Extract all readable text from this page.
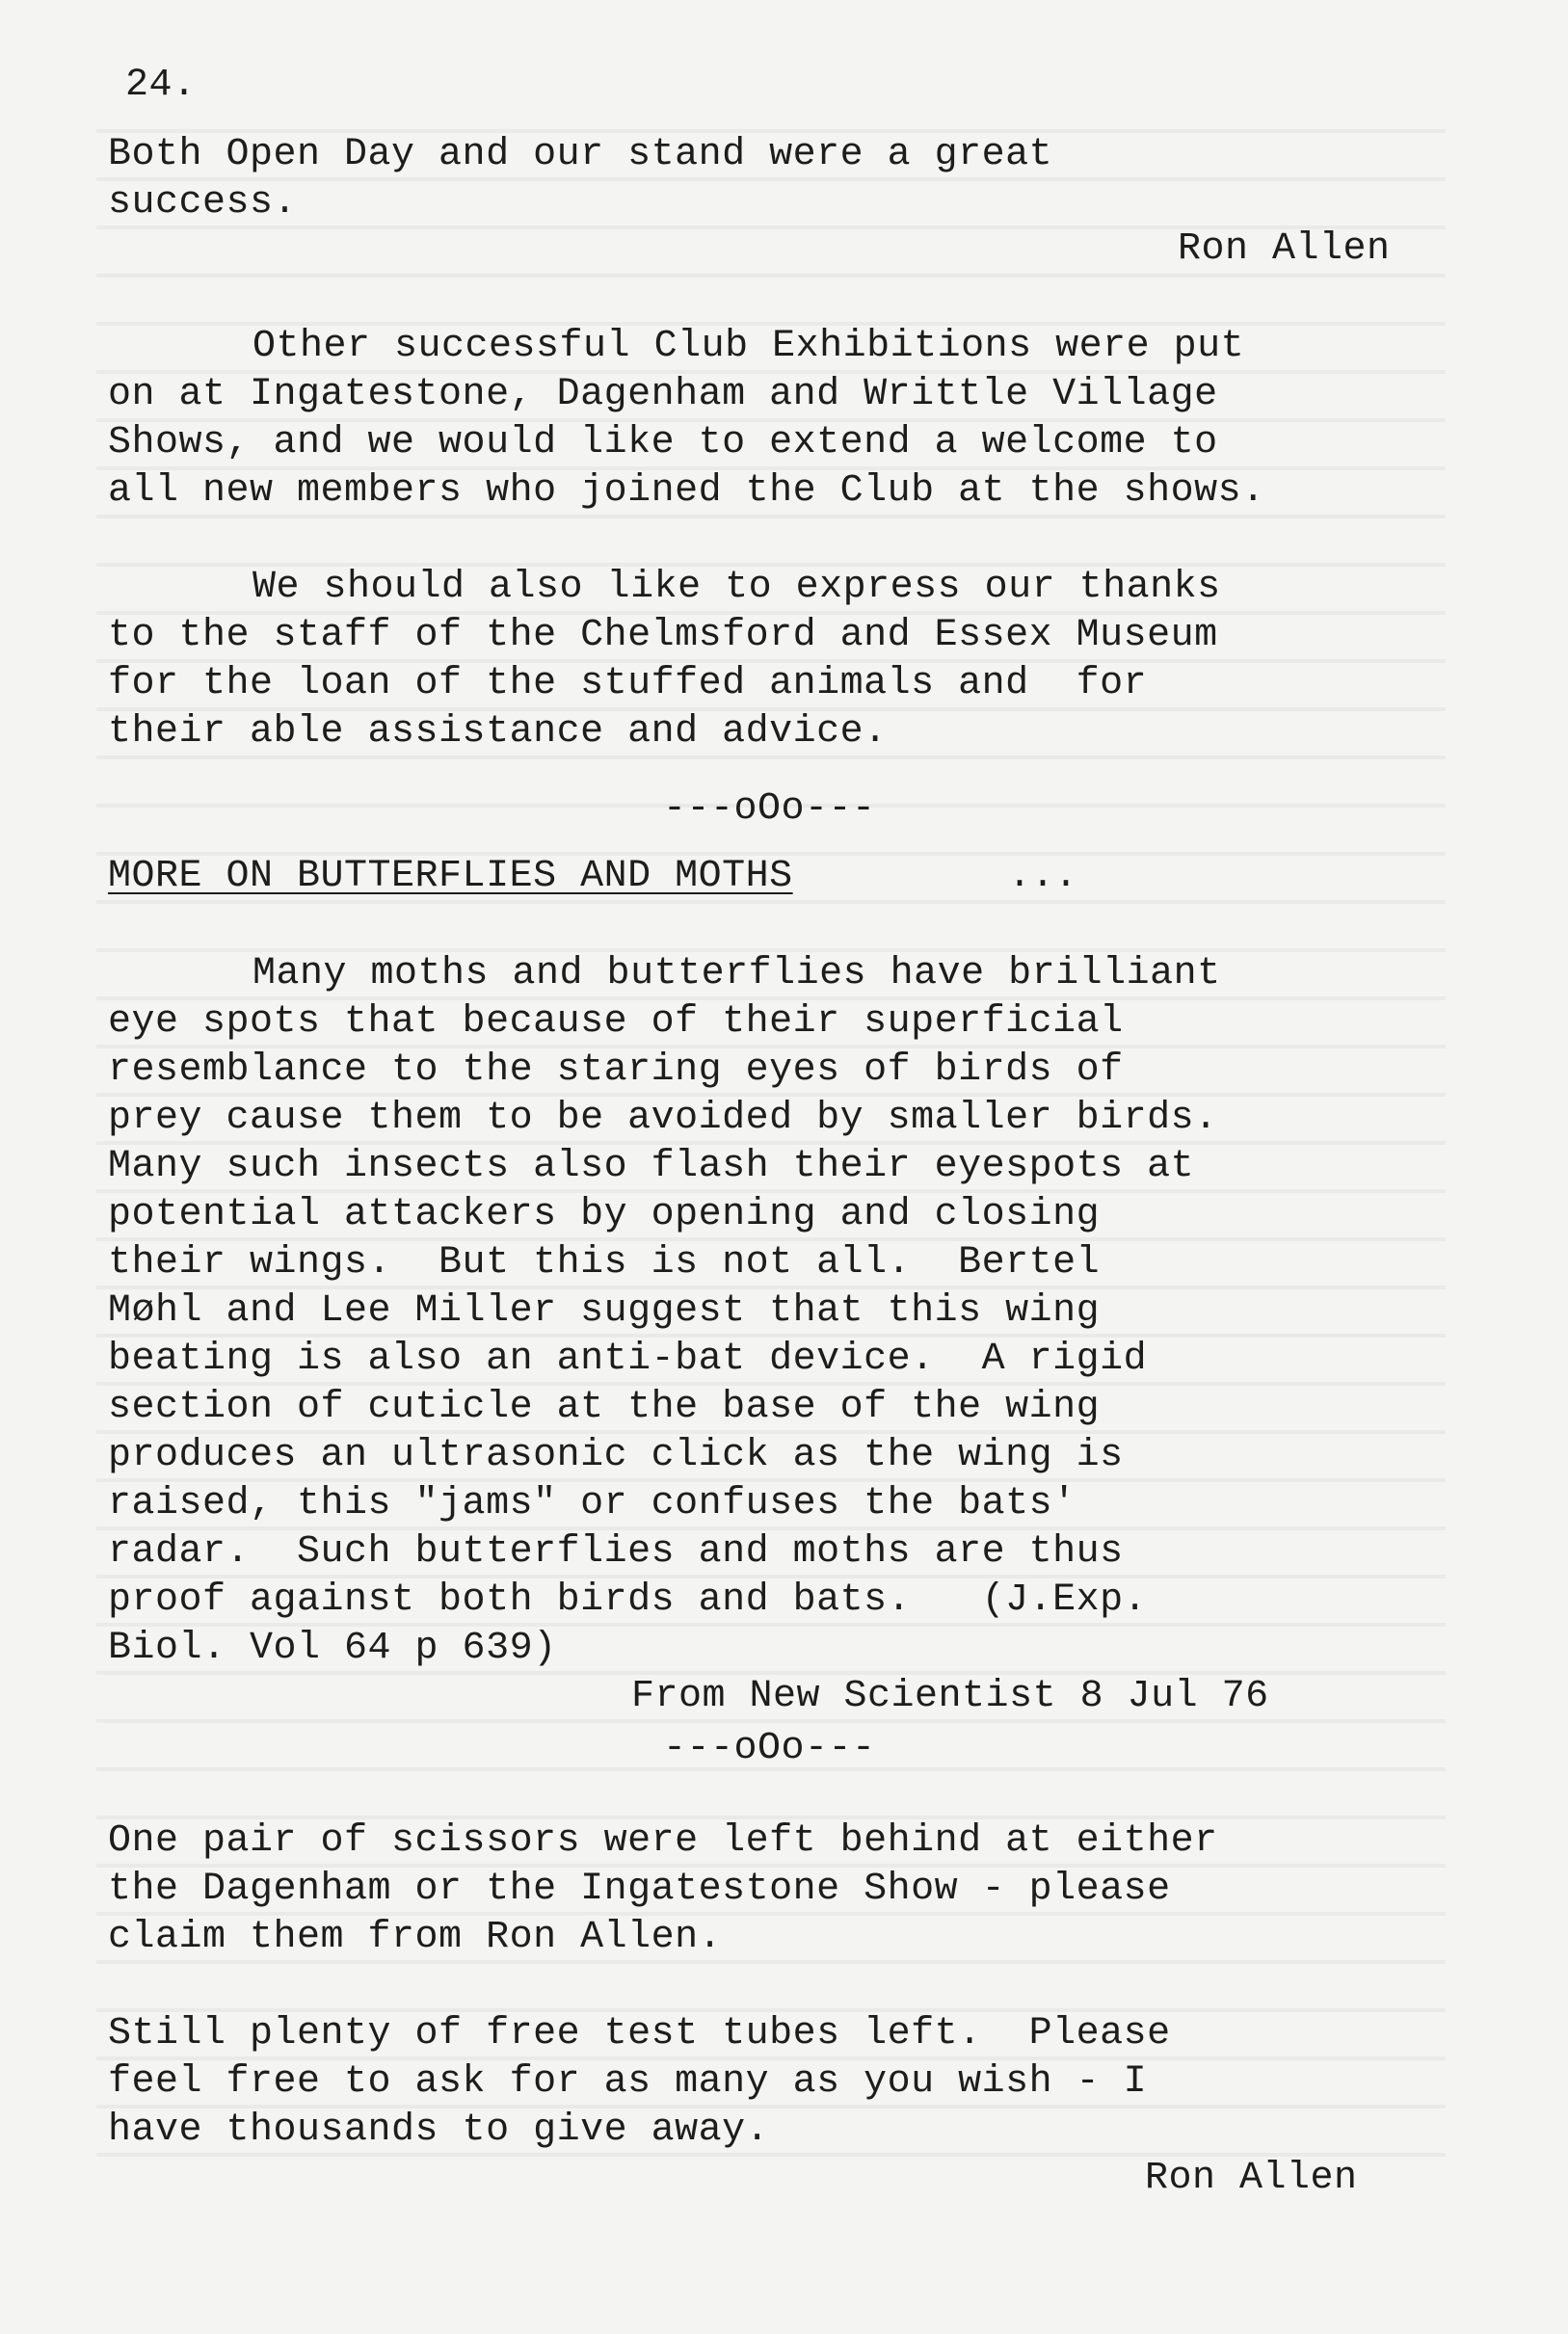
24.
Both Open Day and our stand were a great
success.
Ron Allen
Other successful Club Exhibitions were put
on at Ingatestone, Dagenham and Writtle Village
Shows, and we would like to extend a welcome to
all new members who joined the Club at the shows.
We should also like to express our thanks
to the staff of the Chelmsford and Essex Museum
for the loan of the stuffed animals and  for
their able assistance and advice.
---oOo---
MORE ON BUTTERFLIES AND MOTHS	...
Many moths and butterflies have brilliant
eye spots that because of their superficial
resemblance to the staring eyes of birds of
prey cause them to be avoided by smaller birds.
Many such insects also flash their eyespots at
potential attackers by opening and closing
their wings.  But this is not all.  Bertel
Møhl and Lee Miller suggest that this wing
beating is also an anti-bat device.  A rigid
section of cuticle at the base of the wing
produces an ultrasonic click as the wing is
raised, this "jams" or confuses the bats'
radar.  Such butterflies and moths are thus
proof against both birds and bats.   (J.Exp.
Biol. Vol 64 p 639)
From New Scientist 8 Jul 76
---oOo---
One pair of scissors were left behind at either
the Dagenham or the Ingatestone Show - please
claim them from Ron Allen.
Still plenty of free test tubes left.  Please
feel free to ask for as many as you wish - I
have thousands to give away.
Ron Allen
